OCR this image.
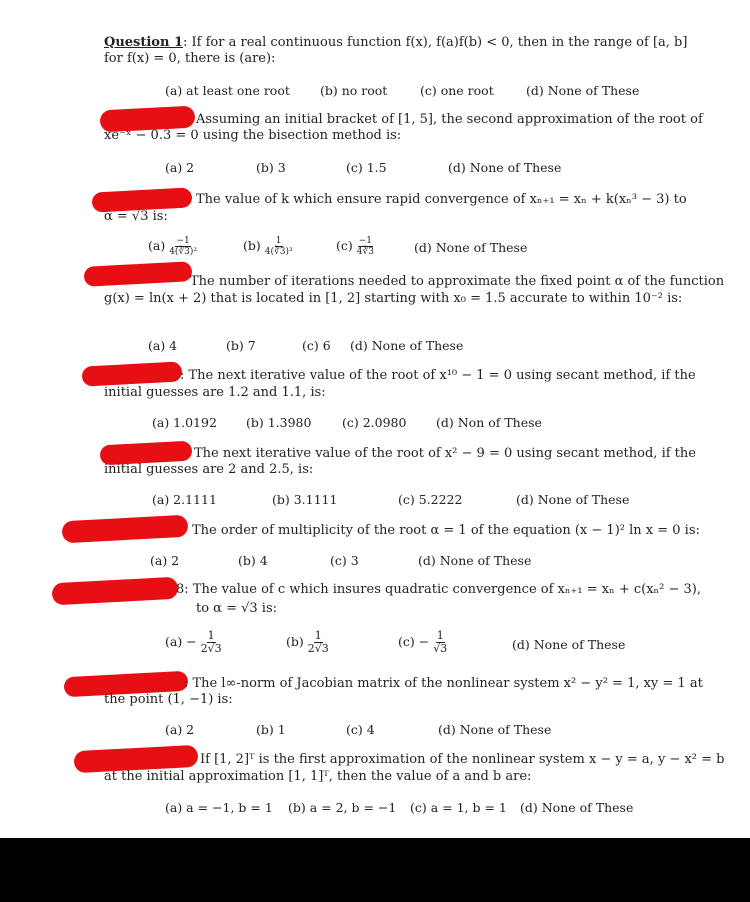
Question 1: If for a real continuous function f(x), f(a)f(b) < 0, then in the range of [a, b]
for f(x) = 0, there is (are):
(a) at least one root (b) no root	(c) one root	(d) None of These
Assuming an initial bracket of [1, 5], the second approximation of the root of
xe⁻ˣ − 0.3 = 0 using the bisection method is:
(a) 2	(b) 3	(c) 1.5	(d) None of These
The value of k which ensure rapid convergence of xₙ₊₁ = xₙ + k(xₙ³ − 3) to
α = √3 is:
$(a) \frac{-1}{\text{4(∛3)²}}$	$(b) \frac{1}{\text{4(∛3)³}}$	$(c) \frac{-1}{4∛3}$	(d) None of These
The number of iterations needed to approximate the fixed point α of the function
g(x) = ln(x + 2) that is located in [1, 2] starting with x₀ = 1.5 accurate to within 10⁻² is:
(a) 4	(b) 7	(c) 6 (d) None of These
: The next iterative value of the root of x¹⁰ − 1 = 0 using secant method, if the
initial guesses are 1.2 and 1.1, is:
(a) 1.0192 (b) 1.3980 (c) 2.0980 (d) Non of These
The next iterative value of the root of x² − 9 = 0 using secant method, if the
initial guesses are 2 and 2.5, is:
(a) 2.1111	(b) 3.1111	(c) 5.2222	(d) None of These
The order of multiplicity of the root α = 1 of the equation (x − 1)² ln x = 0 is:
(a) 2	(b) 4	(c) 3	(d) None of These
8: The value of c which insures quadratic convergence of xₙ₊₁ = xₙ + c(xₙ² − 3),
to α = √3 is:
$(a) - \frac{1}{2√3}$	$(b) \frac{1}{2√3}$	$(c) - \frac{1}{√3}$	(d) None of These
: The l∞-norm of Jacobian matrix of the nonlinear system x² − y² = 1, xy = 1 at
the point (1, −1) is:
(a) 2	(b) 1	(c) 4	(d) None of These
If [1, 2]ᵀ is the first approximation of the nonlinear system x − y = a, y − x² = b
at the initial approximation [1, 1]ᵀ, then the value of a and b are:
(a) a = −1, b = 1 (b) a = 2, b = −1 (c) a = 1, b = 1 (d) None of These
